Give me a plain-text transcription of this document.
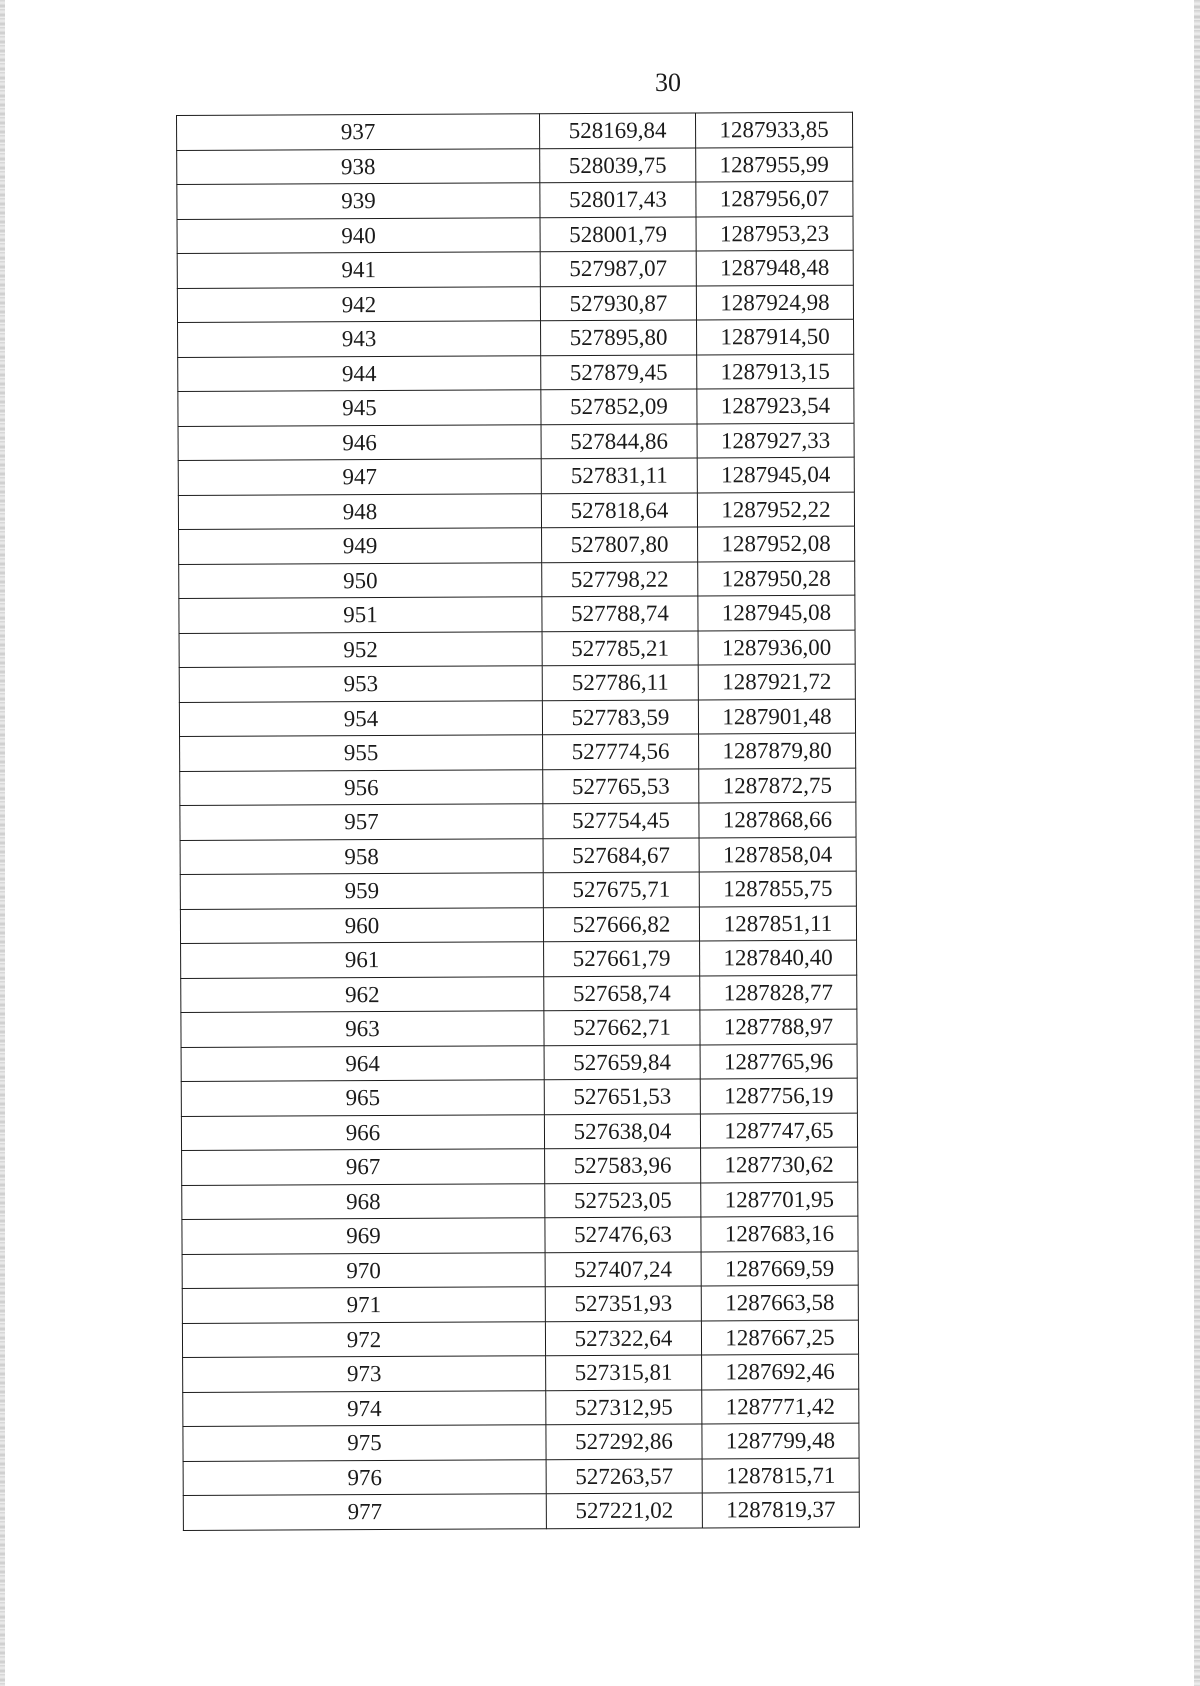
30
937	528169,84	1287933,85
938	528039,75	1287955,99
939	528017,43	1287956,07
940	528001,79	1287953,23
941	527987,07	1287948,48
942	527930,87	1287924,98
943	527895,80	1287914,50
944	527879,45	1287913,15
945	527852,09	1287923,54
946	527844,86	1287927,33
947	527831,11	1287945,04
948	527818,64	1287952,22
949	527807,80	1287952,08
950	527798,22	1287950,28
951	527788,74	1287945,08
952	527785,21	1287936,00
953	527786,11	1287921,72
954	527783,59	1287901,48
955	527774,56	1287879,80
956	527765,53	1287872,75
957	527754,45	1287868,66
958	527684,67	1287858,04
959	527675,71	1287855,75
960	527666,82	1287851,11
961	527661,79	1287840,40
962	527658,74	1287828,77
963	527662,71	1287788,97
964	527659,84	1287765,96
965	527651,53	1287756,19
966	527638,04	1287747,65
967	527583,96	1287730,62
968	527523,05	1287701,95
969	527476,63	1287683,16
970	527407,24	1287669,59
971	527351,93	1287663,58
972	527322,64	1287667,25
973	527315,81	1287692,46
974	527312,95	1287771,42
975	527292,86	1287799,48
976	527263,57	1287815,71
977	527221,02	1287819,37
